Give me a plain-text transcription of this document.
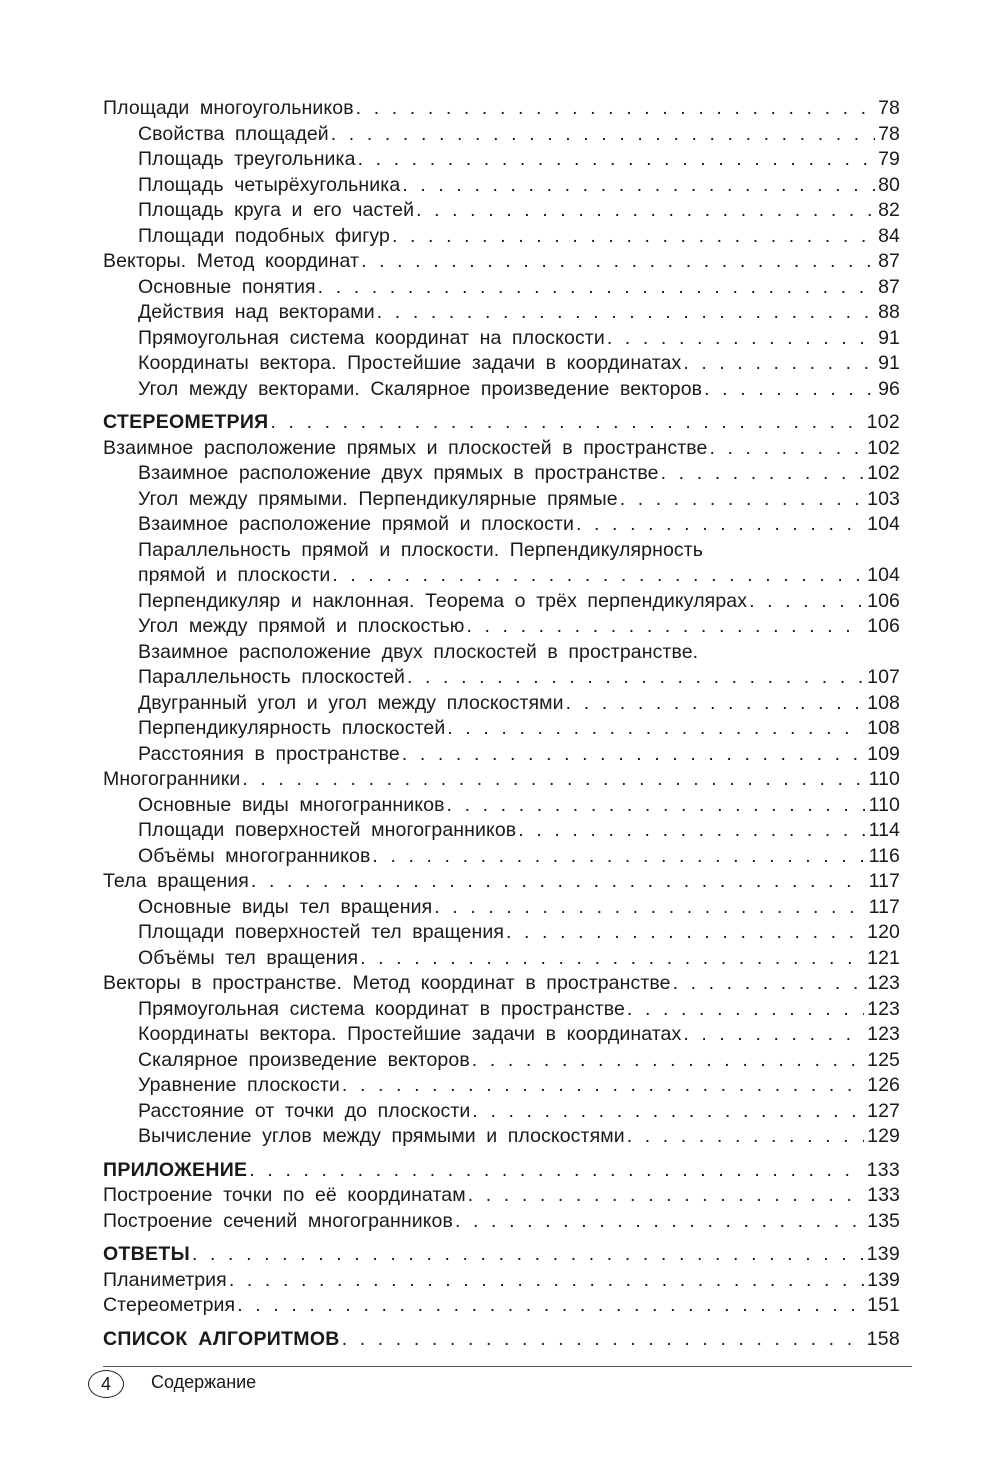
Площади многоугольников . . .	78
Свойства площадей . . .	78
Площадь треугольника . . .	79
Площадь четырёхугольника . . .	80
Площадь круга и его частей . . .	82
Площади подобных фигур . . .	84
Векторы. Метод координат . . .	87
Основные понятия . . .	87
Действия над векторами . . .	88
Прямоугольная система координат на плоскости . . .	91
Координаты вектора. Простейшие задачи в координатах . . .	91
Угол между векторами. Скалярное произведение векторов . . .	96
СТЕРЕОМЕТРИЯ . . .	102
Взаимное расположение прямых и плоскостей в пространстве . . .	102
Взаимное расположение двух прямых в пространстве . . .	102
Угол между прямыми. Перпендикулярные прямые . . .	103
Взаимное расположение прямой и плоскости . . .	104
Параллельность прямой и плоскости. Перпендикулярность
прямой и плоскости . . .	104
Перпендикуляр и наклонная. Теорема о трёх перпендикулярах . . .	106
Угол между прямой и плоскостью . . .	106
Взаимное расположение двух плоскостей в пространстве.
Параллельность плоскостей . . .	107
Двугранный угол и угол между плоскостями . . .	108
Перпендикулярность плоскостей . . .	108
Расстояния в пространстве . . .	109
Многогранники . . .	110
Основные виды многогранников . . .	110
Площади поверхностей многогранников . . .	114
Объёмы многогранников . . .	116
Тела вращения . . .	117
Основные виды тел вращения . . .	117
Площади поверхностей тел вращения . . .	120
Объёмы тел вращения . . .	121
Векторы в пространстве. Метод координат в пространстве . . .	123
Прямоугольная система координат в пространстве . . .	123
Координаты вектора. Простейшие задачи в координатах . . .	123
Скалярное произведение векторов . . .	125
Уравнение плоскости . . .	126
Расстояние от точки до плоскости . . .	127
Вычисление углов между прямыми и плоскостями . . .	129
ПРИЛОЖЕНИЕ . . .	133
Построение точки по её координатам . . .	133
Построение сечений многогранников . . .	135
ОТВЕТЫ . . .	139
Планиметрия . . .	139
Стереометрия . . .	151
СПИСОК АЛГОРИТМОВ . . .	158
4	Содержание
